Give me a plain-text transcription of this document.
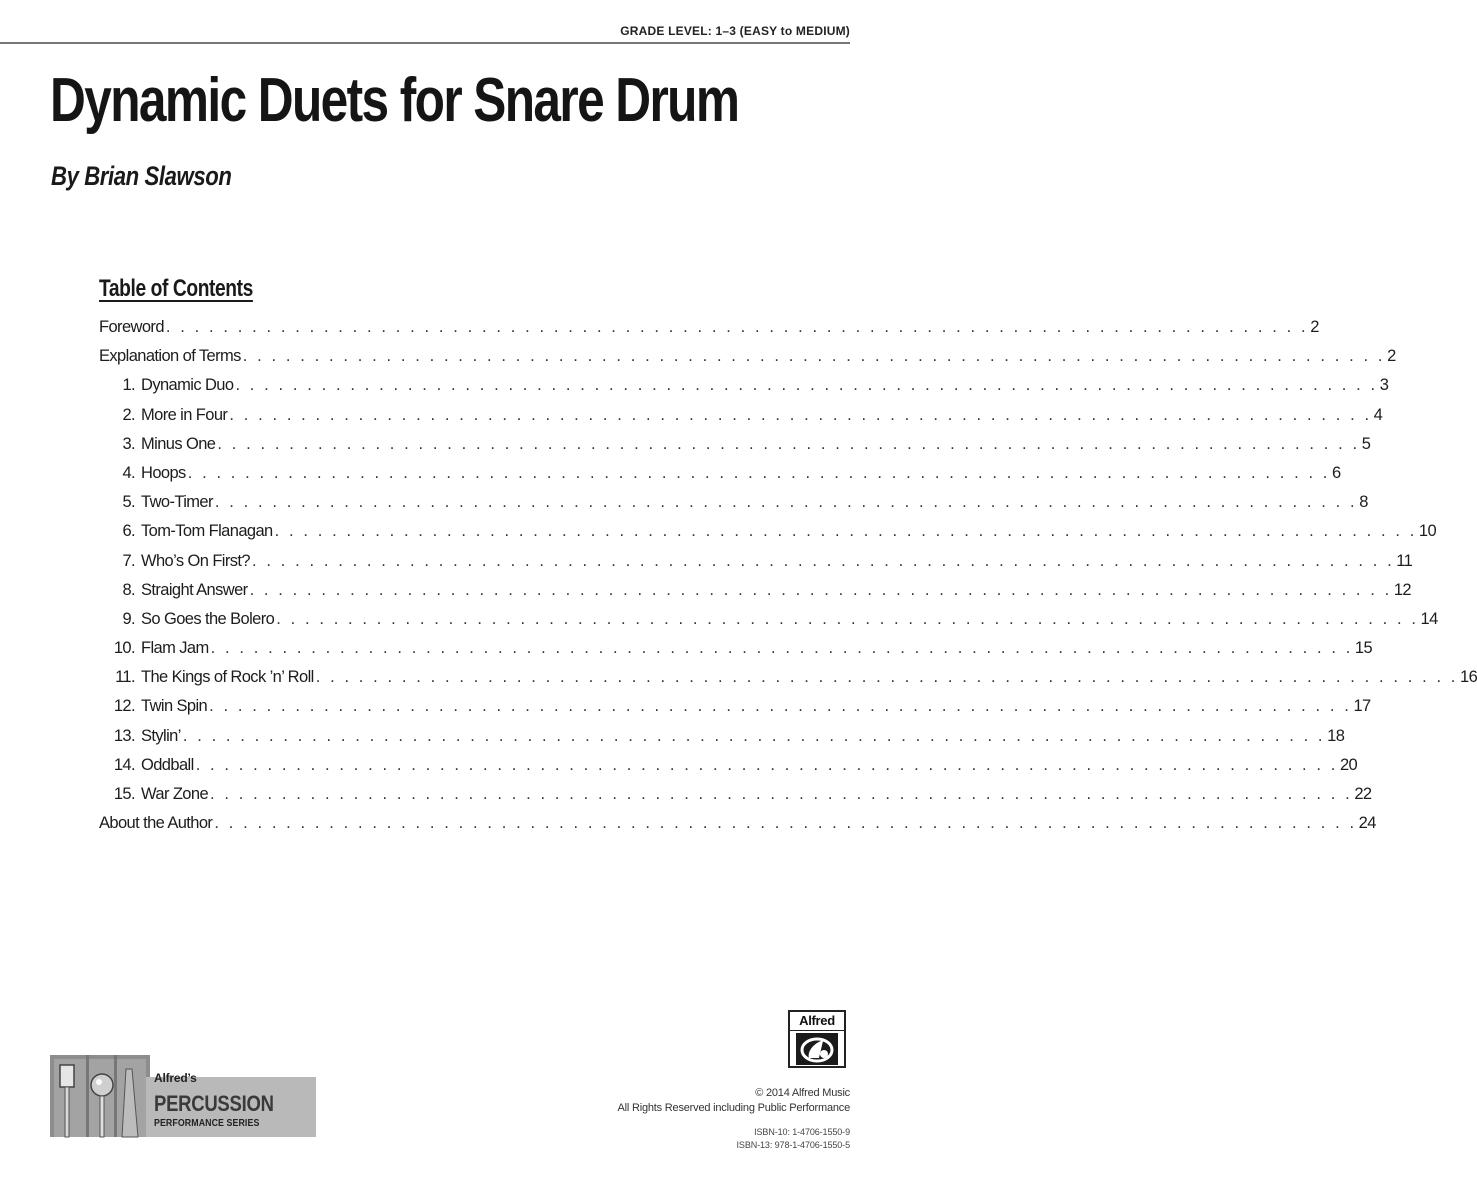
GRADE LEVEL: 1–3 (EASY to MEDIUM)
Dynamic Duets for Snare Drum
By Brian Slawson
Table of Contents
Foreword . . . . . . . . . . . . . . . . . . . . . . . . . . . . . . . . . . . . . . . . . . . . . . . . . . . . . . . . . . . . . . . . . . . . . . . . . . . . . . . . 2
Explanation of Terms . . . . . . . . . . . . . . . . . . . . . . . . . . . . . . . . . . . . . . . . . . . . . . . . . . . . . . . . . . . . . . . . . . . . . . . . . . . . . . . . 2
1. Dynamic Duo . . . . . . . . . . . . . . . . . . . . . . . . . . . . . . . . . . . . . . . . . . . . . . . . . . . . . . . . . . . . . . . . . . . . . . . . . . . . . . . . 3
2. More in Four . . . . . . . . . . . . . . . . . . . . . . . . . . . . . . . . . . . . . . . . . . . . . . . . . . . . . . . . . . . . . . . . . . . . . . . . . . . . . . . . 4
3. Minus One . . . . . . . . . . . . . . . . . . . . . . . . . . . . . . . . . . . . . . . . . . . . . . . . . . . . . . . . . . . . . . . . . . . . . . . . . . . . . . . . 5
4. Hoops . . . . . . . . . . . . . . . . . . . . . . . . . . . . . . . . . . . . . . . . . . . . . . . . . . . . . . . . . . . . . . . . . . . . . . . . . . . . . . . . 6
5. Two-Timer . . . . . . . . . . . . . . . . . . . . . . . . . . . . . . . . . . . . . . . . . . . . . . . . . . . . . . . . . . . . . . . . . . . . . . . . . . . . . . . . 8
6. Tom-Tom Flanagan . . . . . . . . . . . . . . . . . . . . . . . . . . . . . . . . . . . . . . . . . . . . . . . . . . . . . . . . . . . . . . . . . . . . . . . . . . . . . . . . 10
7. Who’s On First? . . . . . . . . . . . . . . . . . . . . . . . . . . . . . . . . . . . . . . . . . . . . . . . . . . . . . . . . . . . . . . . . . . . . . . . . . . . . . . . . 11
8. Straight Answer . . . . . . . . . . . . . . . . . . . . . . . . . . . . . . . . . . . . . . . . . . . . . . . . . . . . . . . . . . . . . . . . . . . . . . . . . . . . . . . . 12
9. So Goes the Bolero . . . . . . . . . . . . . . . . . . . . . . . . . . . . . . . . . . . . . . . . . . . . . . . . . . . . . . . . . . . . . . . . . . . . . . . . . . . . . . . . 14
10. Flam Jam . . . . . . . . . . . . . . . . . . . . . . . . . . . . . . . . . . . . . . . . . . . . . . . . . . . . . . . . . . . . . . . . . . . . . . . . . . . . . . . . 15
11. The Kings of Rock ’n’ Roll . . . . . . . . . . . . . . . . . . . . . . . . . . . . . . . . . . . . . . . . . . . . . . . . . . . . . . . . . . . . . . . . . . . . . . . . . . . . . . . . 16
12. Twin Spin . . . . . . . . . . . . . . . . . . . . . . . . . . . . . . . . . . . . . . . . . . . . . . . . . . . . . . . . . . . . . . . . . . . . . . . . . . . . . . . . 17
13. Stylin’ . . . . . . . . . . . . . . . . . . . . . . . . . . . . . . . . . . . . . . . . . . . . . . . . . . . . . . . . . . . . . . . . . . . . . . . . . . . . . . . . 18
14. Oddball . . . . . . . . . . . . . . . . . . . . . . . . . . . . . . . . . . . . . . . . . . . . . . . . . . . . . . . . . . . . . . . . . . . . . . . . . . . . . . . . 20
15. War Zone . . . . . . . . . . . . . . . . . . . . . . . . . . . . . . . . . . . . . . . . . . . . . . . . . . . . . . . . . . . . . . . . . . . . . . . . . . . . . . . . 22
About the Author . . . . . . . . . . . . . . . . . . . . . . . . . . . . . . . . . . . . . . . . . . . . . . . . . . . . . . . . . . . . . . . . . . . . . . . . . . . . . . . . 24
Alfred
Alfred’s
PERCUSSION
PERFORMANCE SERIES
© 2014 Alfred Music
All Rights Reserved including Public Performance
ISBN-10: 1-4706-1550-9
ISBN-13: 978-1-4706-1550-5
